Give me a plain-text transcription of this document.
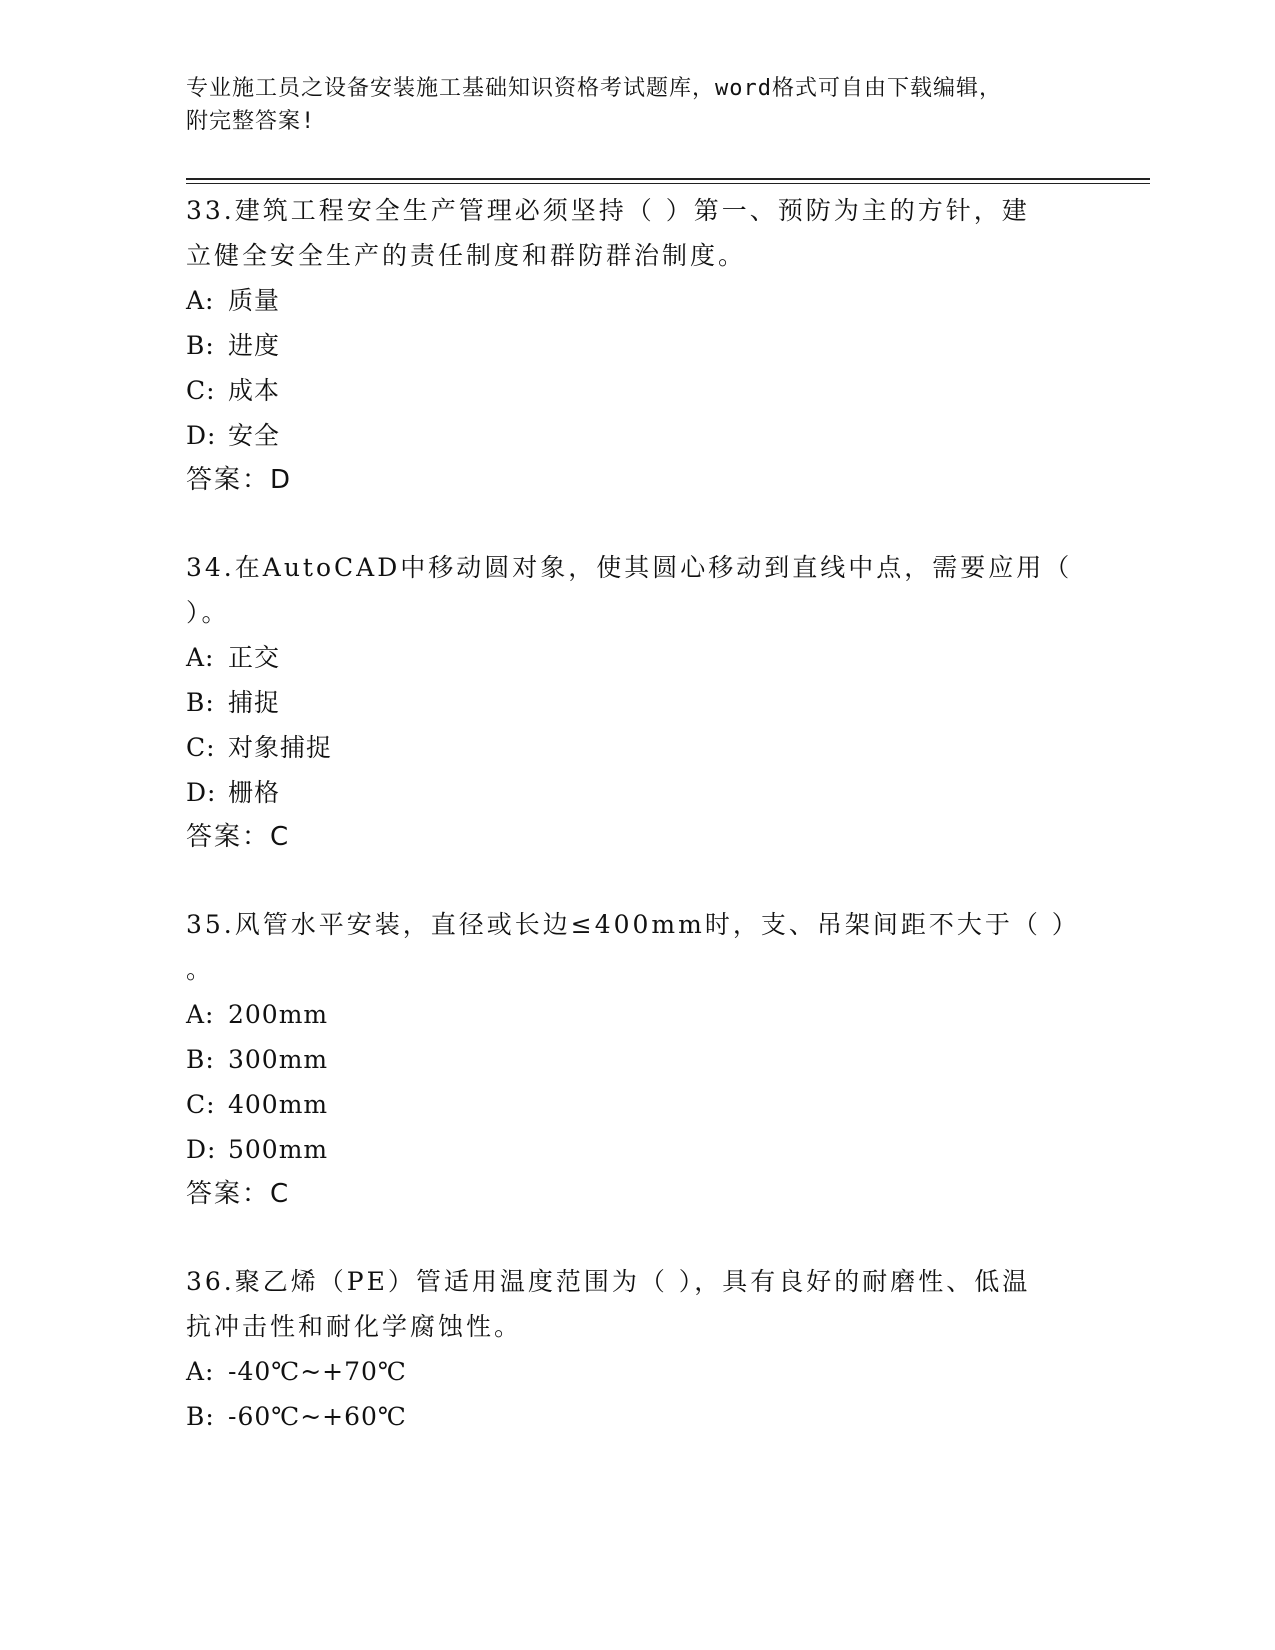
专业施工员之设备安装施工基础知识资格考试题库，word格式可自由下载编辑，
附完整答案!
33.建筑工程安全生产管理必须坚持（ ）第一、预防为主的方针，建
立健全安全生产的责任制度和群防群治制度。
A: 质量
B: 进度
C: 成本
D: 安全
答案：D
34.在AutoCAD中移动圆对象，使其圆心移动到直线中点，需要应用（
）。
A: 正交
B: 捕捉
C: 对象捕捉
D: 栅格
答案：C
35.风管水平安装，直径或长边≤400mm时，支、吊架间距不大于（ ）
。
A: 200mm
B: 300mm
C: 400mm
D: 500mm
答案：C
36.聚乙烯（PE）管适用温度范围为（ ），具有良好的耐磨性、低温
抗冲击性和耐化学腐蚀性。
A: -40℃~+70℃
B: -60℃~+60℃
